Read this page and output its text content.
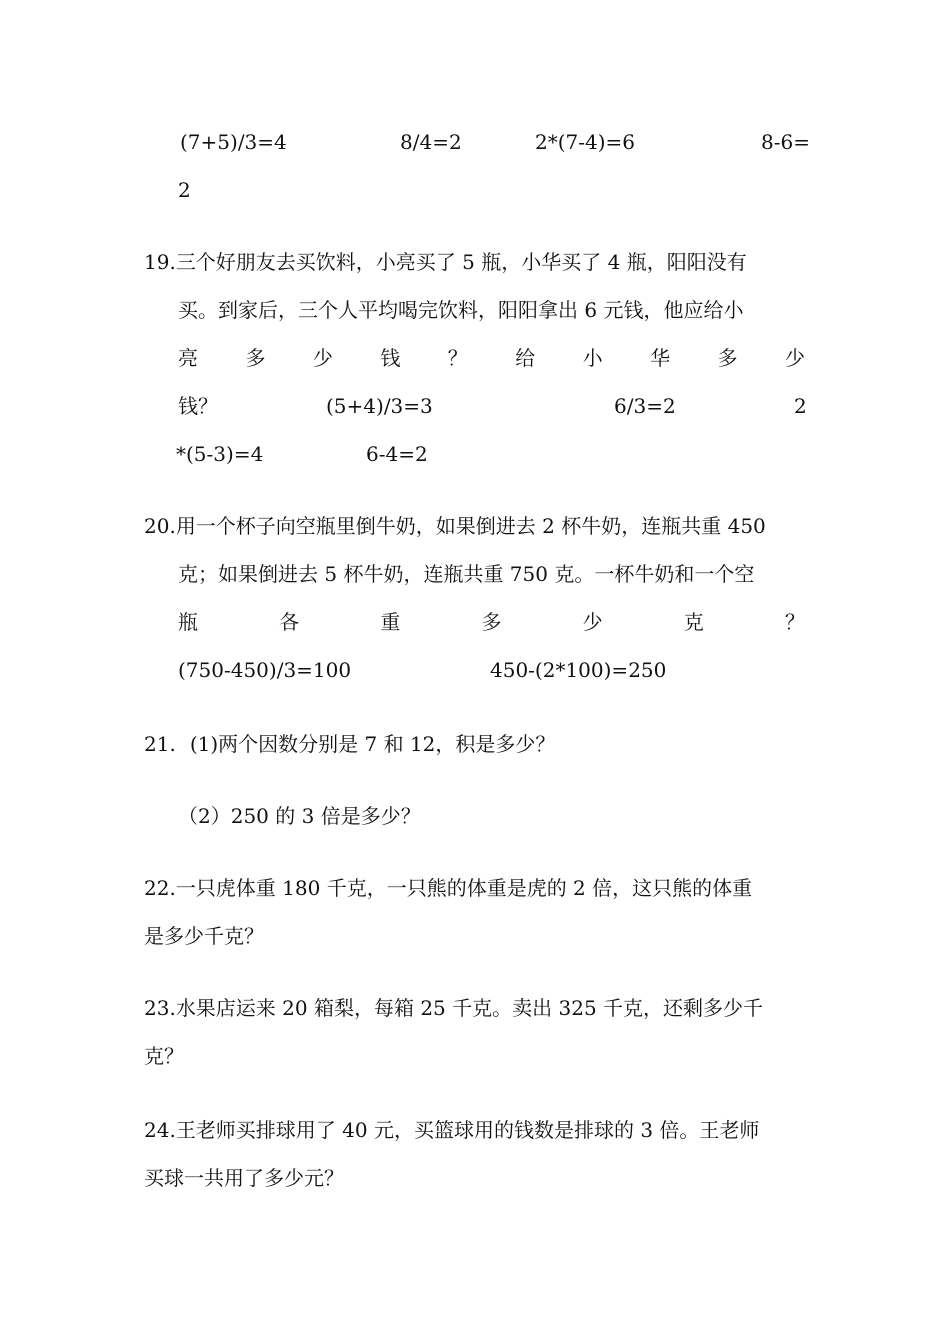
(7+5)/3=4	8/4=2	2*(7-4)=6	8-6=
2
19.三个好朋友去买饮料，小亮买了 5 瓶，小华买了 4 瓶，阳阳没有
买。到家后，三个人平均喝完饮料，阳阳拿出 6 元钱，他应给小
亮 多 少 钱 ？ 给 小 华 多 少
钱？	(5+4)/3=3	6/3=2	2
*(5-3)=4	6-4=2
20.用一个杯子向空瓶里倒牛奶，如果倒进去 2 杯牛奶，连瓶共重 450
克；如果倒进去 5 杯牛奶，连瓶共重 750 克。一杯牛奶和一个空
瓶	各	重	多	少	克	？
(750-450)/3=100	450-(2*100)=250
21. (1)两个因数分别是 7 和 12，积是多少？
（2）250 的 3 倍是多少？
22.一只虎体重 180 千克，一只熊的体重是虎的 2 倍，这只熊的体重
是多少千克？
23.水果店运来 20 箱梨，每箱 25 千克。卖出 325 千克，还剩多少千
克？
24.王老师买排球用了 40 元，买篮球用的钱数是排球的 3 倍。王老师
买球一共用了多少元？
